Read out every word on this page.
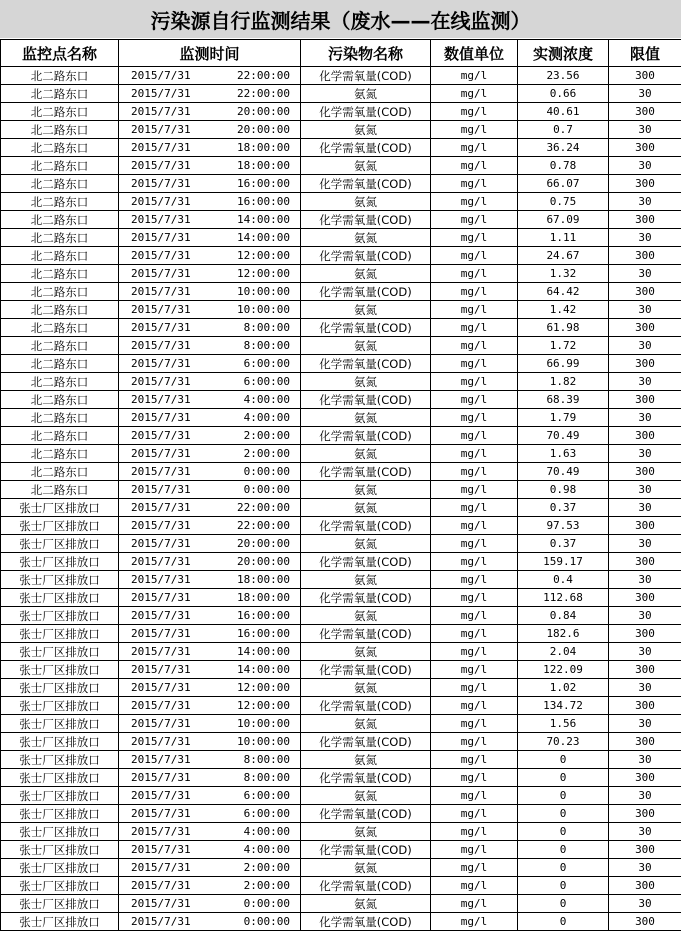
污染源自行监测结果（废水——在线监测）
监控点名称	监测时间	污染物名称	数值单位	实测浓度	限值
北二路东口	2015/7/31 22:00:00	化学需氧量(COD)	mg/l	23.56	300
北二路东口	2015/7/31 22:00:00	氨氮	mg/l	0.66	30
北二路东口	2015/7/31 20:00:00	化学需氧量(COD)	mg/l	40.61	300
北二路东口	2015/7/31 20:00:00	氨氮	mg/l	0.7	30
北二路东口	2015/7/31 18:00:00	化学需氧量(COD)	mg/l	36.24	300
北二路东口	2015/7/31 18:00:00	氨氮	mg/l	0.78	30
北二路东口	2015/7/31 16:00:00	化学需氧量(COD)	mg/l	66.07	300
北二路东口	2015/7/31 16:00:00	氨氮	mg/l	0.75	30
北二路东口	2015/7/31 14:00:00	化学需氧量(COD)	mg/l	67.09	300
北二路东口	2015/7/31 14:00:00	氨氮	mg/l	1.11	30
北二路东口	2015/7/31 12:00:00	化学需氧量(COD)	mg/l	24.67	300
北二路东口	2015/7/31 12:00:00	氨氮	mg/l	1.32	30
北二路东口	2015/7/31 10:00:00	化学需氧量(COD)	mg/l	64.42	300
北二路东口	2015/7/31 10:00:00	氨氮	mg/l	1.42	30
北二路东口	2015/7/31 8:00:00	化学需氧量(COD)	mg/l	61.98	300
北二路东口	2015/7/31 8:00:00	氨氮	mg/l	1.72	30
北二路东口	2015/7/31 6:00:00	化学需氧量(COD)	mg/l	66.99	300
北二路东口	2015/7/31 6:00:00	氨氮	mg/l	1.82	30
北二路东口	2015/7/31 4:00:00	化学需氧量(COD)	mg/l	68.39	300
北二路东口	2015/7/31 4:00:00	氨氮	mg/l	1.79	30
北二路东口	2015/7/31 2:00:00	化学需氧量(COD)	mg/l	70.49	300
北二路东口	2015/7/31 2:00:00	氨氮	mg/l	1.63	30
北二路东口	2015/7/31 0:00:00	化学需氧量(COD)	mg/l	70.49	300
北二路东口	2015/7/31 0:00:00	氨氮	mg/l	0.98	30
张士厂区排放口	2015/7/31 22:00:00	氨氮	mg/l	0.37	30
张士厂区排放口	2015/7/31 22:00:00	化学需氧量(COD)	mg/l	97.53	300
张士厂区排放口	2015/7/31 20:00:00	氨氮	mg/l	0.37	30
张士厂区排放口	2015/7/31 20:00:00	化学需氧量(COD)	mg/l	159.17	300
张士厂区排放口	2015/7/31 18:00:00	氨氮	mg/l	0.4	30
张士厂区排放口	2015/7/31 18:00:00	化学需氧量(COD)	mg/l	112.68	300
张士厂区排放口	2015/7/31 16:00:00	氨氮	mg/l	0.84	30
张士厂区排放口	2015/7/31 16:00:00	化学需氧量(COD)	mg/l	182.6	300
张士厂区排放口	2015/7/31 14:00:00	氨氮	mg/l	2.04	30
张士厂区排放口	2015/7/31 14:00:00	化学需氧量(COD)	mg/l	122.09	300
张士厂区排放口	2015/7/31 12:00:00	氨氮	mg/l	1.02	30
张士厂区排放口	2015/7/31 12:00:00	化学需氧量(COD)	mg/l	134.72	300
张士厂区排放口	2015/7/31 10:00:00	氨氮	mg/l	1.56	30
张士厂区排放口	2015/7/31 10:00:00	化学需氧量(COD)	mg/l	70.23	300
张士厂区排放口	2015/7/31 8:00:00	氨氮	mg/l	0	30
张士厂区排放口	2015/7/31 8:00:00	化学需氧量(COD)	mg/l	0	300
张士厂区排放口	2015/7/31 6:00:00	氨氮	mg/l	0	30
张士厂区排放口	2015/7/31 6:00:00	化学需氧量(COD)	mg/l	0	300
张士厂区排放口	2015/7/31 4:00:00	氨氮	mg/l	0	30
张士厂区排放口	2015/7/31 4:00:00	化学需氧量(COD)	mg/l	0	300
张士厂区排放口	2015/7/31 2:00:00	氨氮	mg/l	0	30
张士厂区排放口	2015/7/31 2:00:00	化学需氧量(COD)	mg/l	0	300
张士厂区排放口	2015/7/31 0:00:00	氨氮	mg/l	0	30
张士厂区排放口	2015/7/31 0:00:00	化学需氧量(COD)	mg/l	0	300
